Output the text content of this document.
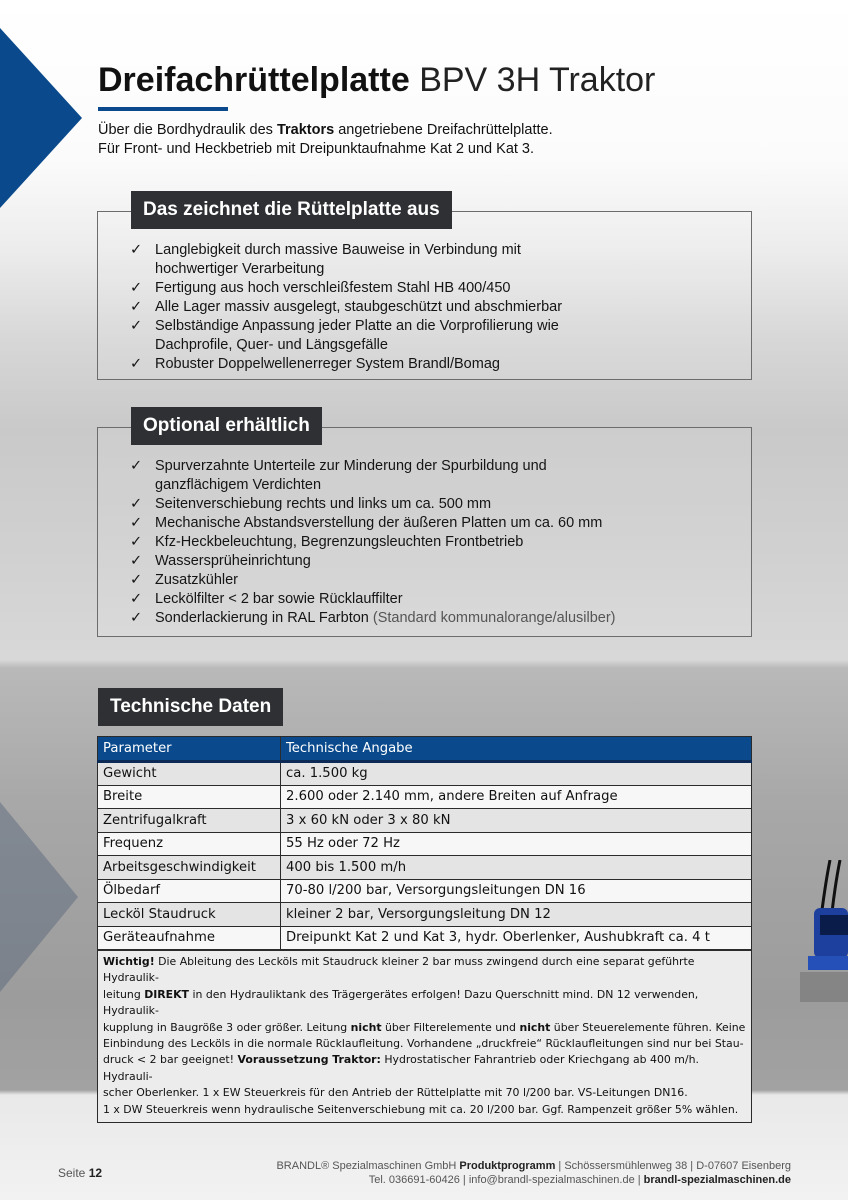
Dreifachrüttelplatte BPV 3H Traktor
Über die Bordhydraulik des Traktors angetriebene Dreifachrüttelplatte.
Für Front- und Heckbetrieb mit Dreipunktaufnahme Kat 2 und Kat 3.
Das zeichnet die Rüttelplatte aus
✓ Langlebigkeit durch massive Bauweise in Verbindung mit
hochwertiger Verarbeitung
✓ Fertigung aus hoch verschleißfestem Stahl HB 400/450
✓ Alle Lager massiv ausgelegt, staubgeschützt und abschmierbar
✓ Selbständige Anpassung jeder Platte an die Vorprofilierung wie
Dachprofile, Quer- und Längsgefälle
✓ Robuster Doppelwellenerreger System Brandl/Bomag
Optional erhältlich
✓ Spurverzahnte Unterteile zur Minderung der Spurbildung und
ganzflächigem Verdichten
✓ Seitenverschiebung rechts und links um ca. 500 mm
✓ Mechanische Abstandsverstellung der äußeren Platten um ca. 60 mm
✓ Kfz-Heckbeleuchtung, Begrenzungsleuchten Frontbetrieb
✓ Wassersprüheinrichtung
✓ Zusatzkühler
✓ Leckölfilter < 2 bar sowie Rücklauffilter
✓ Sonderlackierung in RAL Farbton (Standard kommunalorange/alusilber)
Technische Daten
Parameter	Technische Angabe
Gewicht	ca. 1.500 kg
Breite	2.600 oder 2.140 mm, andere Breiten auf Anfrage
Zentrifugalkraft	3 x 60 kN oder 3 x 80 kN
Frequenz	55 Hz oder 72 Hz
Arbeitsgeschwindigkeit	400 bis 1.500 m/h
Ölbedarf	70-80 l/200 bar, Versorgungsleitungen DN 16
Lecköl Staudruck	kleiner 2 bar, Versorgungsleitung DN 12
Geräteaufnahme	Dreipunkt Kat 2 und Kat 3, hydr. Oberlenker, Aushubkraft ca. 4 t
Wichtig! Die Ableitung des Lecköls mit Staudruck kleiner 2 bar muss zwingend durch eine separat geführte Hydraulik-
leitung DIREKT in den Hydrauliktank des Trägergerätes erfolgen! Dazu Querschnitt mind. DN 12 verwenden, Hydraulik-
kupplung in Baugröße 3 oder größer. Leitung nicht über Filterelemente und nicht über Steuerelemente führen. Keine
Einbindung des Lecköls in die normale Rücklaufleitung. Vorhandene „druckfreie“ Rücklaufleitungen sind nur bei Stau-
druck < 2 bar geeignet! Voraussetzung Traktor: Hydrostatischer Fahrantrieb oder Kriechgang ab 400 m/h. Hydrauli-
scher Oberlenker. 1 x EW Steuerkreis für den Antrieb der Rüttelplatte mit 70 l/200 bar. VS-Leitungen DN16.
1 x DW Steuerkreis wenn hydraulische Seitenverschiebung mit ca. 20 l/200 bar. Ggf. Rampenzeit größer 5% wählen.
Seite 12	BRANDL® Spezialmaschinen GmbH Produktprogramm | Schössersmühlenweg 38 | D-07607 Eisenberg
Tel. 036691-60426 | info@brandl-spezialmaschinen.de | brandl-spezialmaschinen.de
